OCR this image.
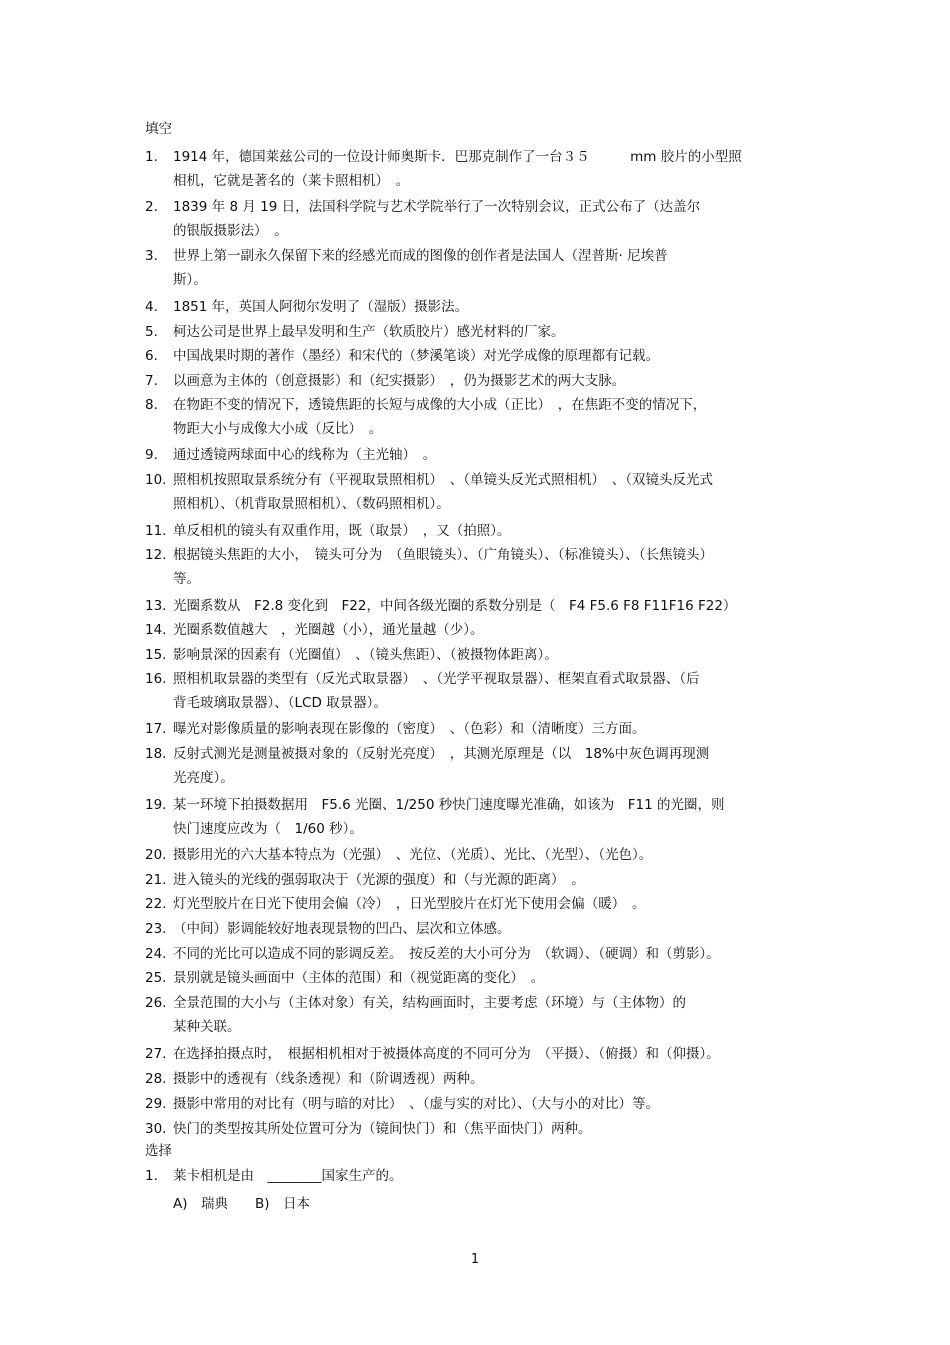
填空
1.	1914 年，德国莱兹公司的一位设计师奥斯卡．巴那克制作了一台３５　　　mm 胶片的小型照
相机，它就是著名的（莱卡照相机）　。
2.	1839 年 8 月 19 日，法国科学院与艺术学院举行了一次特别会议，正式公布了（达盖尔
的银版摄影法）　。
3.	世界上第一副永久保留下来的经感光而成的图像的创作者是法国人（涅普斯· 尼埃普
斯）。
4.	1851 年，英国人阿彻尔发明了（湿版）摄影法。
5.	柯达公司是世界上最早发明和生产（软质胶片）感光材料的厂家。
6.	中国战果时期的著作（墨经）和宋代的（梦溪笔谈）对光学成像的原理都有记载。
7.	以画意为主体的（创意摄影）和（纪实摄影）　，仍为摄影艺术的两大支脉。
8.	在物距不变的情况下，透镜焦距的长短与成像的大小成（正比）　，在焦距不变的情况下，
物距大小与成像大小成（反比）　。
9.	通过透镜两球面中心的线称为（主光轴）　。
10. 照相机按照取景系统分有（平视取景照相机）　、（单镜头反光式照相机）　、（双镜头反光式
照相机）、（机背取景照相机）、（数码照相机）。
11. 单反相机的镜头有双重作用，既（取景）　，又（拍照）。
12. 根据镜头焦距的大小，　镜头可分为　（鱼眼镜头）、（广角镜头）、（标准镜头）、（长焦镜头）
等。
13. 光圈系数从　F2.8 变化到　F22，中间各级光圈的系数分别是（　F4 F5.6 F8 F11F16 F22）
14. 光圈系数值越大　，光圈越（小），通光量越（少）。
15. 影响景深的因素有（光圈值）　、（镜头焦距）、（被摄物体距离）。
16. 照相机取景器的类型有（反光式取景器）　、（光学平视取景器）、框架直看式取景器、（后
背毛玻璃取景器）、（LCD 取景器）。
17. 曝光对影像质量的影响表现在影像的（密度）　、（色彩）和（清晰度）三方面。
18. 反射式测光是测量被摄对象的（反射光亮度）　，其测光原理是（以　18%中灰色调再现测
光亮度）。
19. 某一环境下拍摄数据用　F5.6 光圈、1/250 秒快门速度曝光准确，如该为　F11 的光圈，则
快门速度应改为（　1/60 秒）。
20. 摄影用光的六大基本特点为（光强）　、光位、（光质）、光比、（光型）、（光色）。
21. 进入镜头的光线的强弱取决于（光源的强度）和（与光源的距离）　。
22. 灯光型胶片在日光下使用会偏（冷）　，日光型胶片在灯光下使用会偏（暖）　。
23. （中间）影调能较好地表现景物的凹凸、层次和立体感。
24. 不同的光比可以造成不同的影调反差。　按反差的大小可分为　（软调）、（硬调）和（剪影）。
25. 景别就是镜头画面中（主体的范围）和（视觉距离的变化）　。
26. 全景范围的大小与（主体对象）有关，结构画面时，主要考虑（环境）与（主体物）的
某种关联。
27. 在选择拍摄点时，　根据相机相对于被摄体高度的不同可分为　（平摄）、（俯摄）和（仰摄）。
28. 摄影中的透视有（线条透视）和（阶调透视）两种。
29. 摄影中常用的对比有（明与暗的对比）　、（虚与实的对比）、（大与小的对比）等。
30. 快门的类型按其所处位置可分为（镜间快门）和（焦平面快门）两种。
选择
1.	莱卡相机是由　________国家生产的。
A)　瑞典　　B)　日本
1
